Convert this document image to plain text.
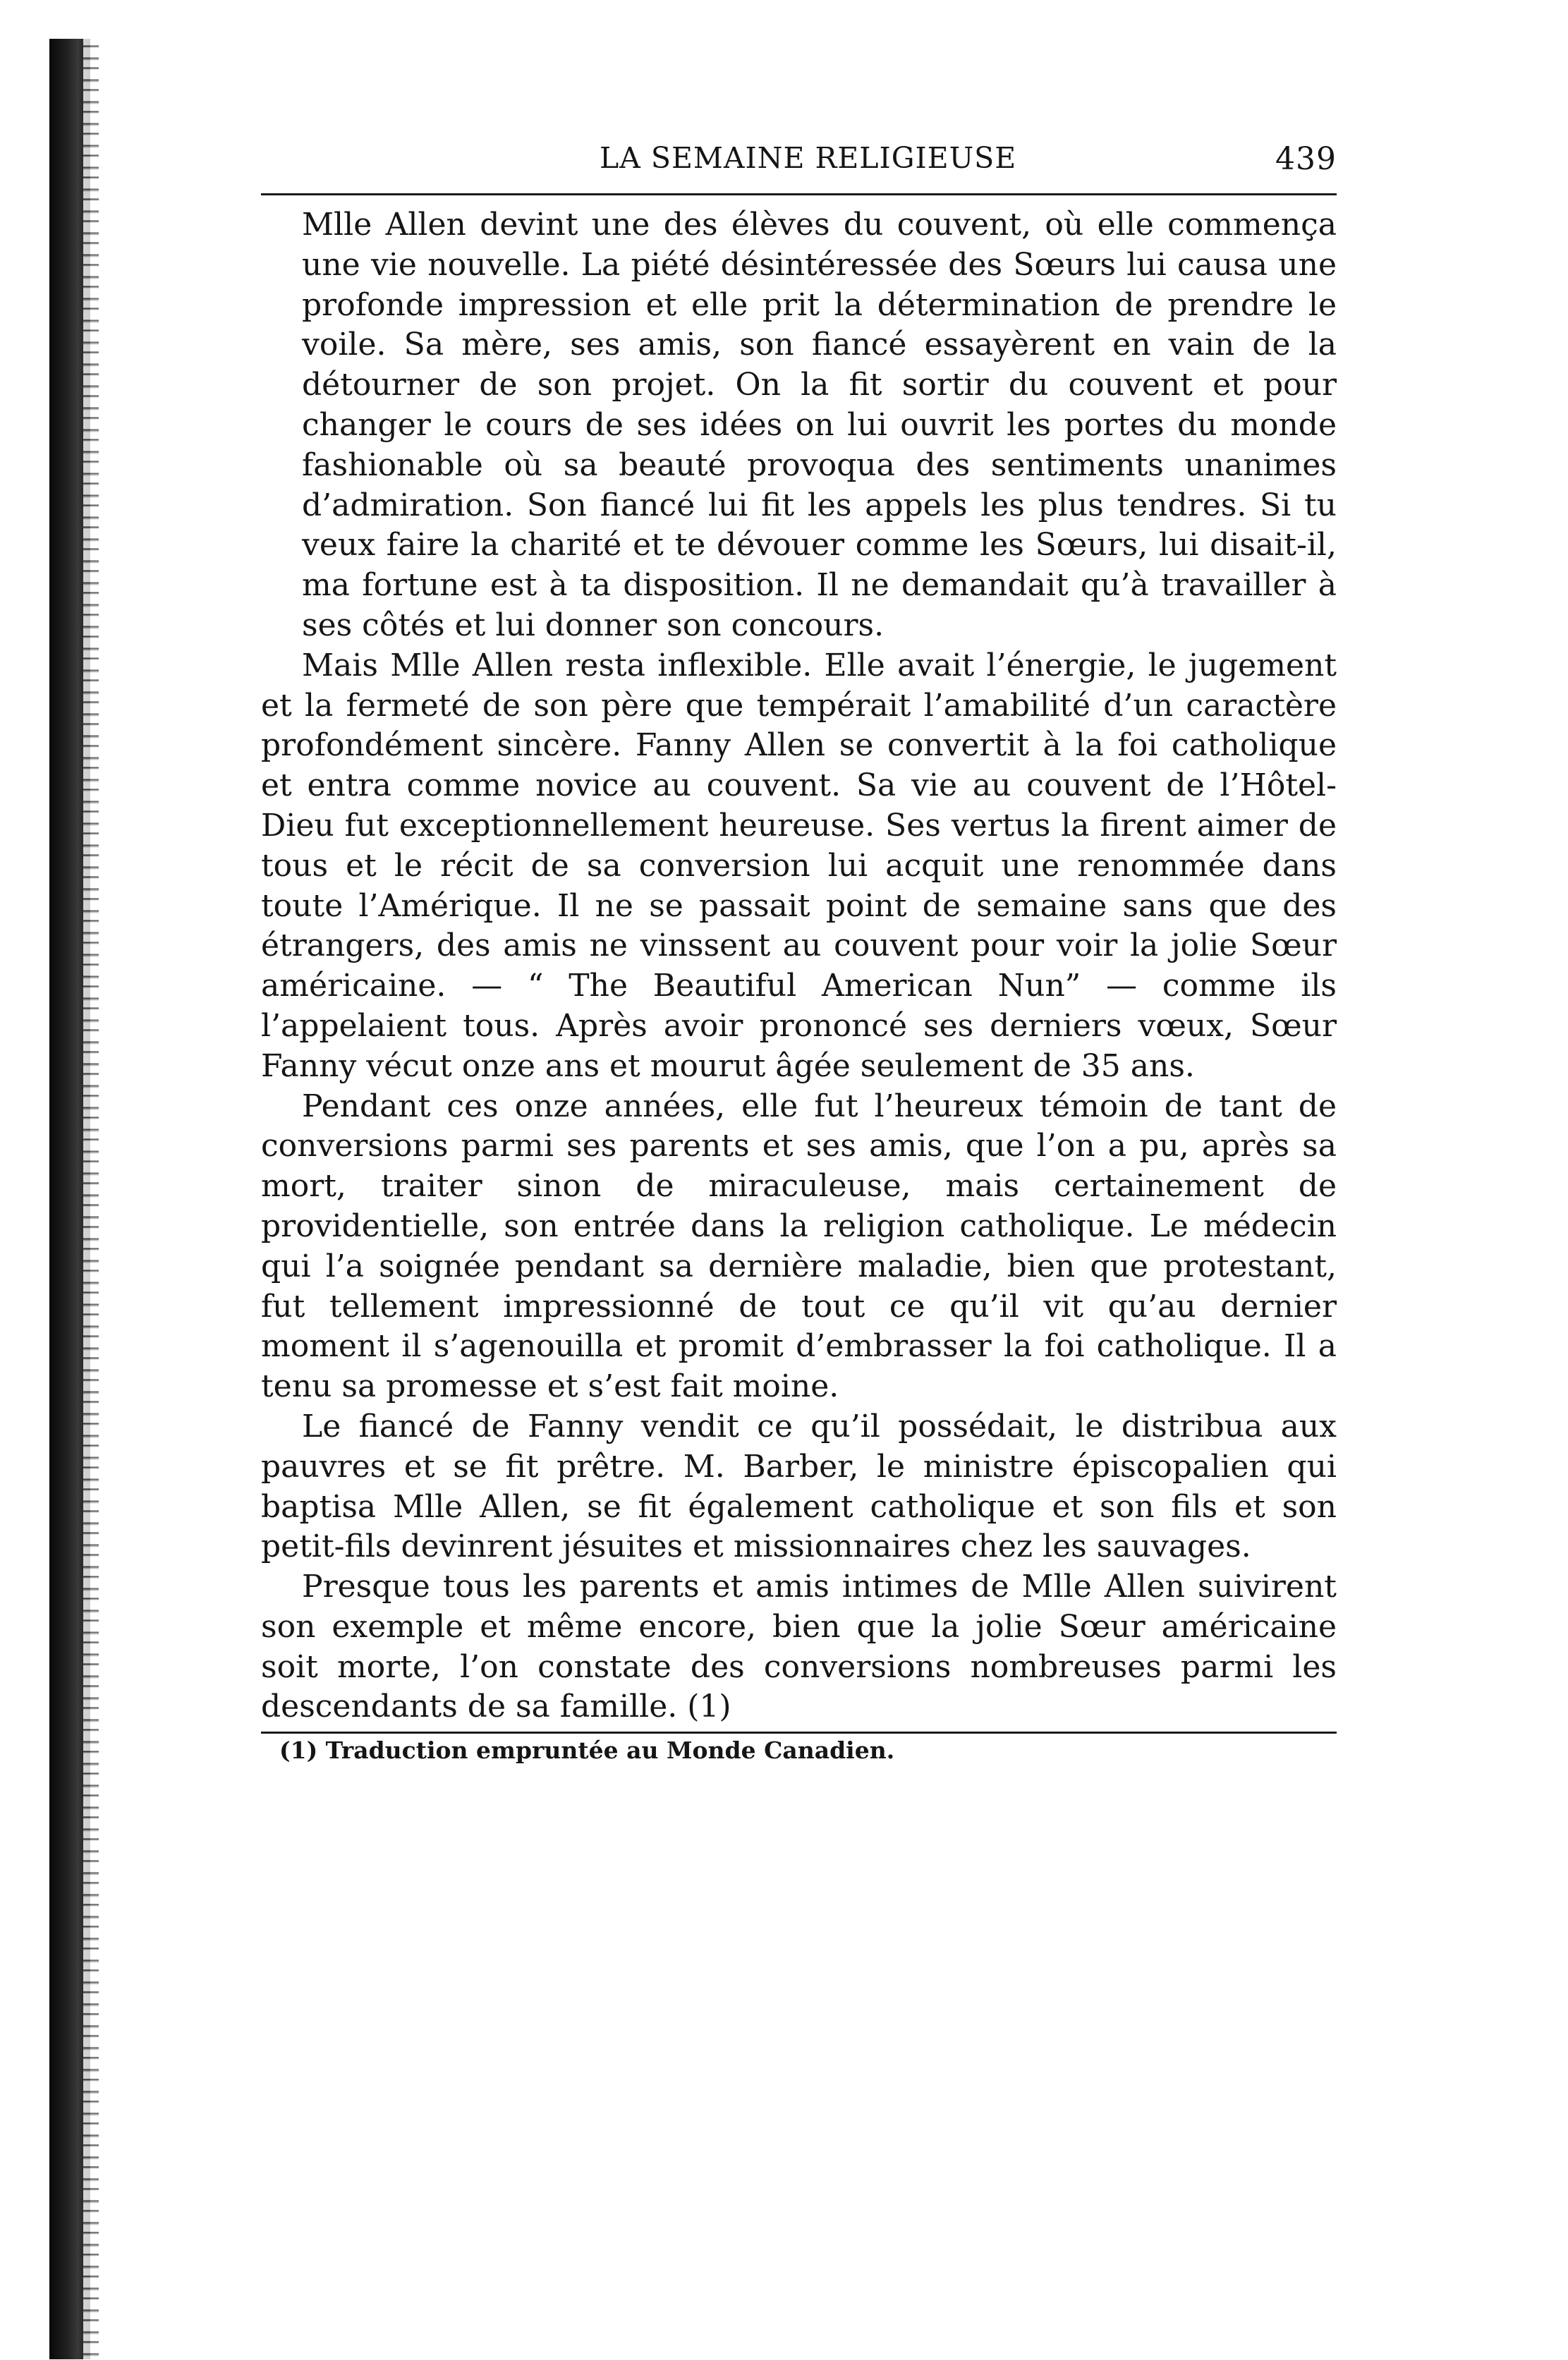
LA SEMAINE RELIGIEUSE	439

Mlle Allen devint une des élèves du couvent, où elle commença une vie nouvelle. La piété désintéressée des Sœurs lui causa une profonde impression et elle prit la détermination de prendre le voile. Sa mère, ses amis, son fiancé essayèrent en vain de la détourner de son projet. On la fit sortir du couvent et pour changer le cours de ses idées on lui ouvrit les portes du monde fashionable où sa beauté provoqua des sentiments unanimes d’admiration. Son fiancé lui fit les appels les plus tendres. Si tu veux faire la charité et te dévouer comme les Sœurs, lui disait-il, ma fortune est à ta disposition. Il ne demandait qu’à travailler à ses côtés et lui donner son concours.

Mais Mlle Allen resta inflexible. Elle avait l’énergie, le jugement et la fermeté de son père que tempérait l’amabilité d’un caractère profondément sincère. Fanny Allen se convertit à la foi catholique et entra comme novice au couvent. Sa vie au couvent de l’Hôtel-Dieu fut exceptionnellement heureuse. Ses vertus la firent aimer de tous et le récit de sa conversion lui acquit une renommée dans toute l’Amérique. Il ne se passait point de semaine sans que des étrangers, des amis ne vinssent au couvent pour voir la jolie Sœur américaine. — “ The Beautiful American Nun” — comme ils l’appelaient tous. Après avoir prononcé ses derniers vœux, Sœur Fanny vécut onze ans et mourut âgée seulement de 35 ans.

Pendant ces onze années, elle fut l’heureux témoin de tant de conversions parmi ses parents et ses amis, que l’on a pu, après sa mort, traiter sinon de miraculeuse, mais certainement de providentielle, son entrée dans la religion catholique. Le médecin qui l’a soignée pendant sa dernière maladie, bien que protestant, fut tellement impressionné de tout ce qu’il vit qu’au dernier moment il s’agenouilla et promit d’embrasser la foi catholique. Il a tenu sa promesse et s’est fait moine.

Le fiancé de Fanny vendit ce qu’il possédait, le distribua aux pauvres et se fit prêtre. M. Barber, le ministre épiscopalien qui baptisa Mlle Allen, se fit également catholique et son fils et son petit-fils devinrent jésuites et missionnaires chez les sauvages.

Presque tous les parents et amis intimes de Mlle Allen suivirent son exemple et même encore, bien que la jolie Sœur américaine soit morte, l’on constate des conversions nombreuses parmi les descendants de sa famille. (1)

(1) Traduction empruntée au Monde Canadien.
